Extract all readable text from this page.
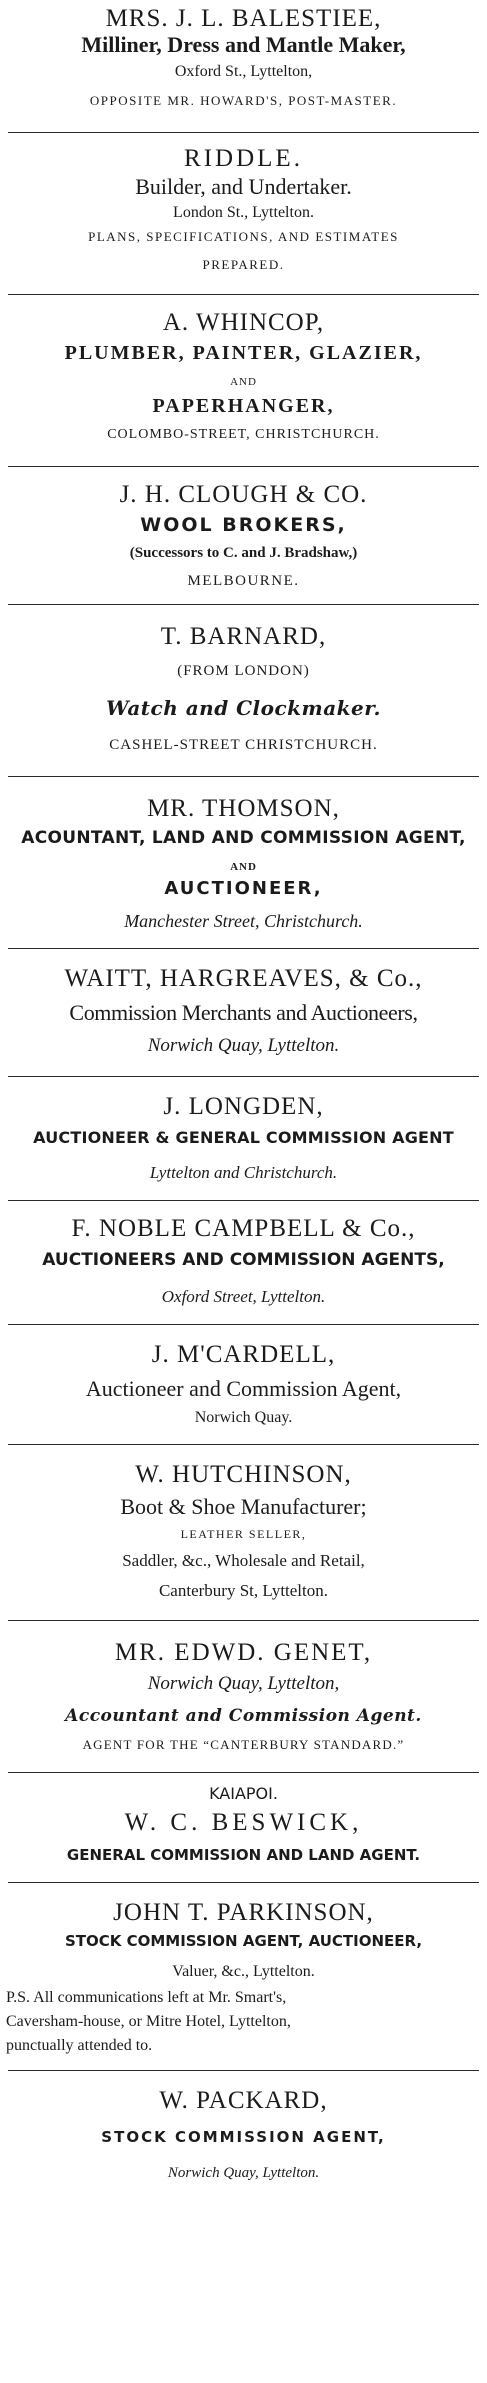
MRS. J. L. BALESTIEE,
Milliner, Dress and Mantle Maker,
Oxford St., Lyttelton,
OPPOSITE MR. HOWARD'S, POST-MASTER.
RIDDLE.
Builder, and Undertaker.
London St., Lyttelton.
PLANS, SPECIFICATIONS, AND ESTIMATES
PREPARED.
A. WHINCOP,
PLUMBER, PAINTER, GLAZIER,
AND
PAPERHANGER,
COLOMBO-STREET, CHRISTCHURCH.
J. H. CLOUGH & CO.
WOOL BROKERS,
(Successors to C. and J. Bradshaw,)
MELBOURNE.
T. BARNARD,
(FROM LONDON)
Watch and Clockmaker.
CASHEL-STREET CHRISTCHURCH.
MR. THOMSON,
ACOUNTANT, LAND AND COMMISSION AGENT,
AND
AUCTIONEER,
Manchester Street, Christchurch.
WAITT, HARGREAVES, & Co.,
Commission Merchants and Auctioneers,
Norwich Quay, Lyttelton.
J. LONGDEN,
AUCTIONEER & GENERAL COMMISSION AGENT
Lyttelton and Christchurch.
F. NOBLE CAMPBELL & Co.,
AUCTIONEERS AND COMMISSION AGENTS,
Oxford Street, Lyttelton.
J. M'CARDELL,
Auctioneer and Commission Agent,
Norwich Quay.
W. HUTCHINSON,
Boot & Shoe Manufacturer;
LEATHER SELLER,
Saddler, &c., Wholesale and Retail,
Canterbury St, Lyttelton.
MR. EDWD. GENET,
Norwich Quay, Lyttelton,
Accountant and Commission Agent.
AGENT FOR THE “CANTERBURY STANDARD.”
KAIAPOI.
W. C. BESWICK,
GENERAL COMMISSION AND LAND AGENT.
JOHN T. PARKINSON,
STOCK COMMISSION AGENT, AUCTIONEER,
Valuer, &c., Lyttelton.
P.S. All communications left at Mr. Smart's,
Caversham-house, or Mitre Hotel, Lyttelton,
punctually attended to.
W. PACKARD,
STOCK COMMISSION AGENT,
Norwich Quay, Lyttelton.
